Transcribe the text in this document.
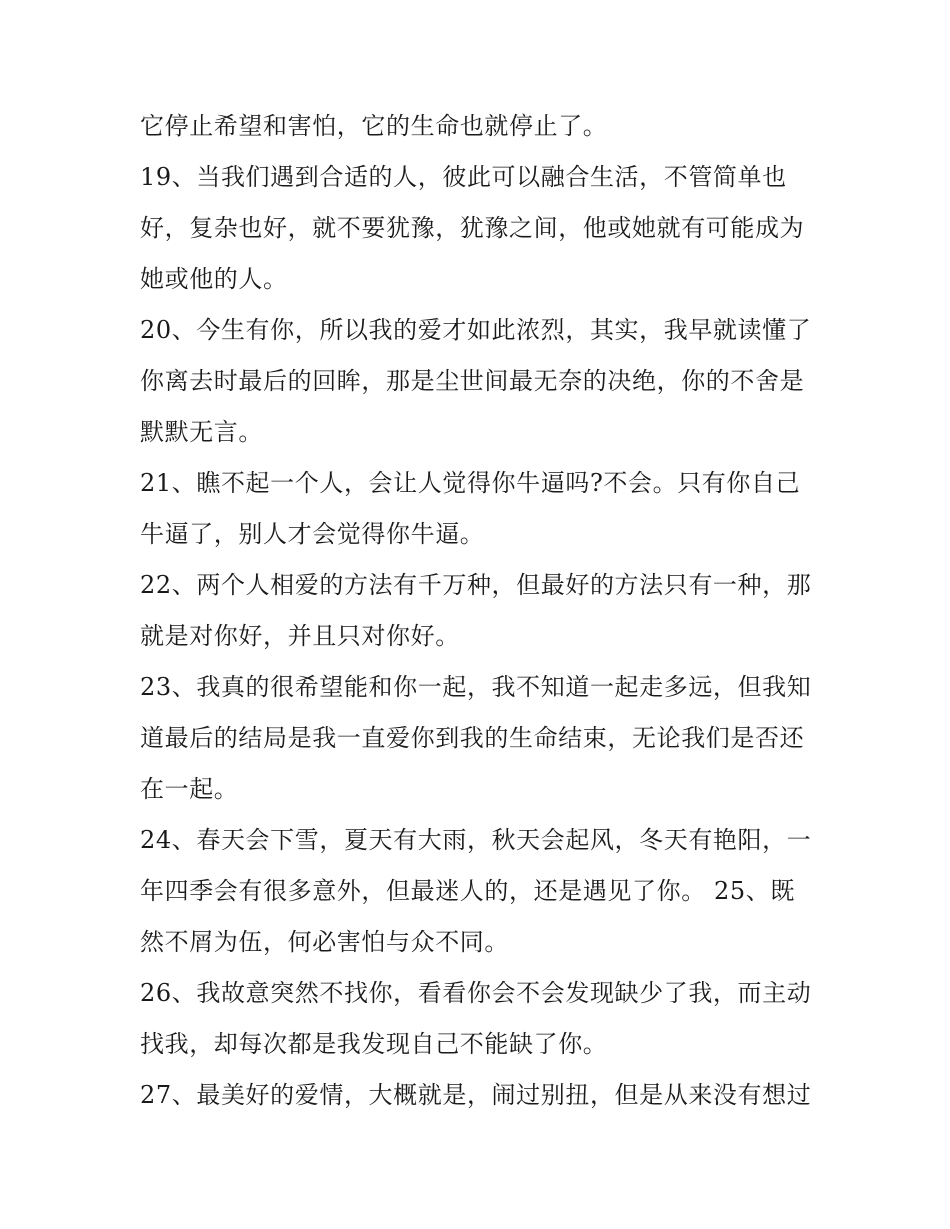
它停止希望和害怕，它的生命也就停止了。
19、当我们遇到合适的人，彼此可以融合生活，不管简单也
好，复杂也好，就不要犹豫，犹豫之间，他或她就有可能成为
她或他的人。
20、今生有你，所以我的爱才如此浓烈，其实，我早就读懂了
你离去时最后的回眸，那是尘世间最无奈的决绝，你的不舍是
默默无言。
21、瞧不起一个人，会让人觉得你牛逼吗?不会。只有你自己
牛逼了，别人才会觉得你牛逼。
22、两个人相爱的方法有千万种，但最好的方法只有一种，那
就是对你好，并且只对你好。
23、我真的很希望能和你一起，我不知道一起走多远，但我知
道最后的结局是我一直爱你到我的生命结束，无论我们是否还
在一起。
24、春天会下雪，夏天有大雨，秋天会起风，冬天有艳阳，一
年四季会有很多意外，但最迷人的，还是遇见了你。 25、既
然不屑为伍，何必害怕与众不同。
26、我故意突然不找你，看看你会不会发现缺少了我，而主动
找我，却每次都是我发现自己不能缺了你。
27、最美好的爱情，大概就是，闹过别扭，但是从来没有想过
